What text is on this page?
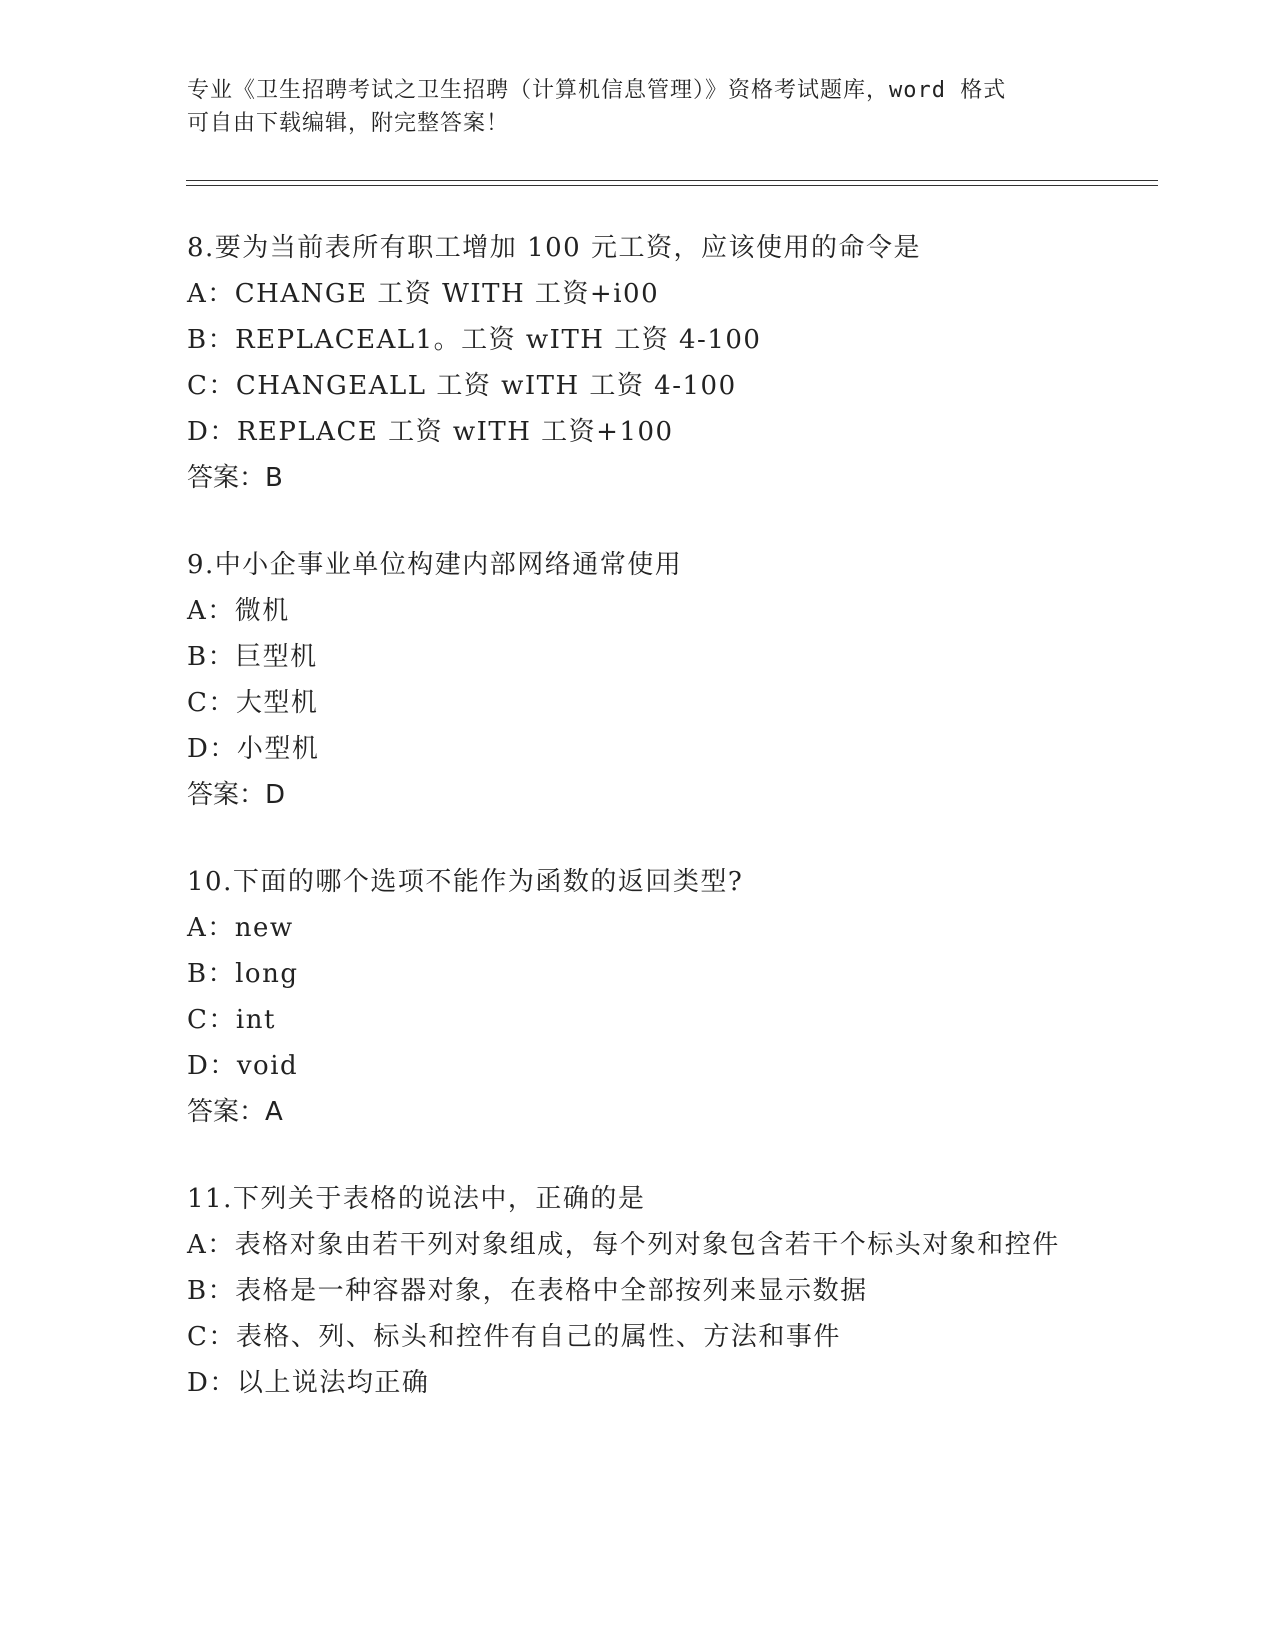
专业《卫生招聘考试之卫生招聘（计算机信息管理）》资格考试题库，word 格式
可自由下载编辑，附完整答案！
8.要为当前表所有职工增加 100 元工资，应该使用的命令是
A：CHANGE 工资 WITH 工资+i00
B：REPLACEAL1。工资 wITH 工资 4-100
C：CHANGEALL 工资 wITH 工资 4-100
D：REPLACE 工资 wITH 工资+100
答案：B
9.中小企事业单位构建内部网络通常使用
A：微机
B：巨型机
C：大型机
D：小型机
答案：D
10.下面的哪个选项不能作为函数的返回类型?
A：new
B：long
C：int
D：void
答案：A
11.下列关于表格的说法中，正确的是
A：表格对象由若干列对象组成，每个列对象包含若干个标头对象和控件
B：表格是一种容器对象，在表格中全部按列来显示数据
C：表格、列、标头和控件有自己的属性、方法和事件
D：以上说法均正确
